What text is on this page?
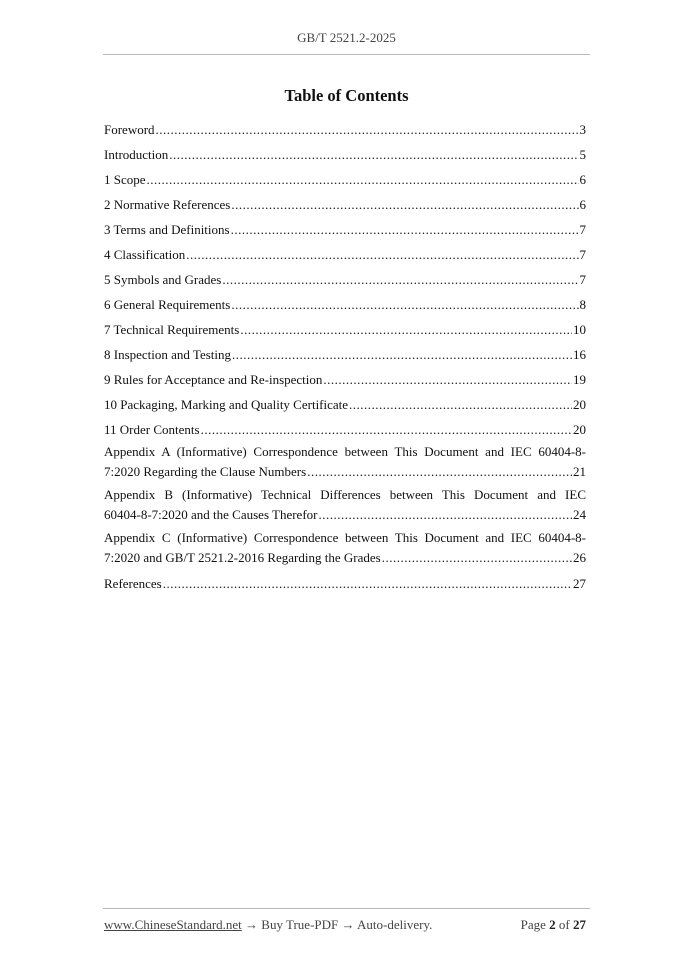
GB/T 2521.2-2025
Table of Contents
Foreword .....	3
Introduction .....	5
1 Scope .....	6
2 Normative References .....	6
3 Terms and Definitions .....	7
4 Classification .....	7
5 Symbols and Grades .....	7
6 General Requirements .....	8
7 Technical Requirements .....	10
8 Inspection and Testing .....	16
9 Rules for Acceptance and Re-inspection .....	19
10 Packaging, Marking and Quality Certificate .....	20
11 Order Contents .....	20
Appendix A (Informative) Correspondence between This Document and IEC 60404-8-
7:2020 Regarding the Clause Numbers .....	21
Appendix B (Informative) Technical Differences between This Document and IEC
60404-8-7:2020 and the Causes Therefor .....	24
Appendix C (Informative) Correspondence between This Document and IEC 60404-8-
7:2020 and GB/T 2521.2-2016 Regarding the Grades .....	26
References .....	27
www.ChineseStandard.net → Buy True-PDF → Auto-delivery.	Page 2 of 27
